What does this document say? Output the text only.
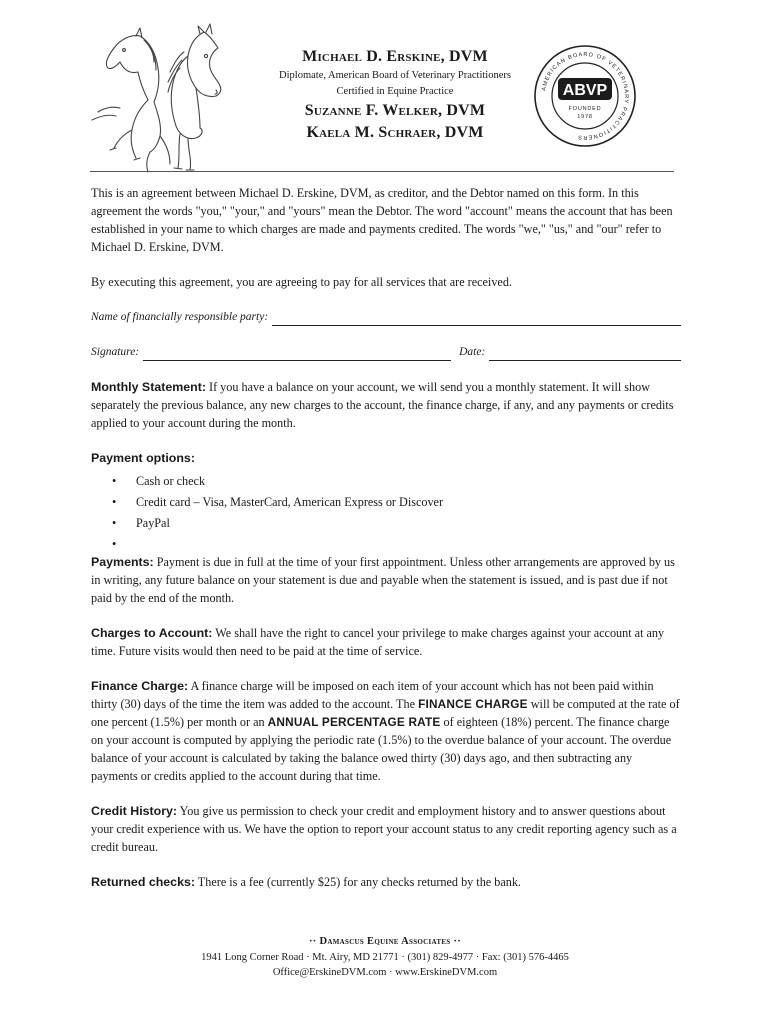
Michael D. Erskine, DVM
Diplomate, American Board of Veterinary Practitioners
Certified in Equine Practice
Suzanne F. Welker, DVM
Kaela M. Schraer, DVM
AMERICAN BOARD OF VETERINARY PRACTITIONERS
ABVP
FOUNDED
1978

This is an agreement between Michael D. Erskine, DVM, as creditor, and the Debtor named on this form. In this agreement the words "you," "your," and "yours" mean the Debtor. The word "account" means the account that has been established in your name to which charges are made and payments credited. The words "we," "us," and "our" refer to Michael D. Erskine, DVM.

By executing this agreement, you are agreeing to pay for all services that are received.

Name of financially responsible party:
Signature:	Date:

Monthly Statement: If you have a balance on your account, we will send you a monthly statement. It will show separately the previous balance, any new charges to the account, the finance charge, if any, and any payments or credits applied to your account during the month.

Payment options:

• Cash or check
• Credit card – Visa, MasterCard, American Express or Discover
• PayPal
•

Payments: Payment is due in full at the time of your first appointment. Unless other arrangements are approved by us in writing, any future balance on your statement is due and payable when the statement is issued, and is past due if not paid by the end of the month.

Charges to Account: We shall have the right to cancel your privilege to make charges against your account at any time. Future visits would then need to be paid at the time of service.

Finance Charge: A finance charge will be imposed on each item of your account which has not been paid within thirty (30) days of the time the item was added to the account. The FINANCE CHARGE will be computed at the rate of one percent (1.5%) per month or an ANNUAL PERCENTAGE RATE of eighteen (18%) percent. The finance charge on your account is computed by applying the periodic rate (1.5%) to the overdue balance of your account. The overdue balance of your account is calculated by taking the balance owed thirty (30) days ago, and then subtracting any payments or credits applied to the account during that time.

Credit History: You give us permission to check your credit and employment history and to answer questions about your credit experience with us. We have the option to report your account status to any credit reporting agency such as a credit bureau.

Returned checks: There is a fee (currently $25) for any checks returned by the bank.

·· Damascus Equine Associates ··
1941 Long Corner Road · Mt. Airy, MD 21771 · (301) 829-4977 · Fax: (301) 576-4465
Office@ErskineDVM.com · www.ErskineDVM.com
